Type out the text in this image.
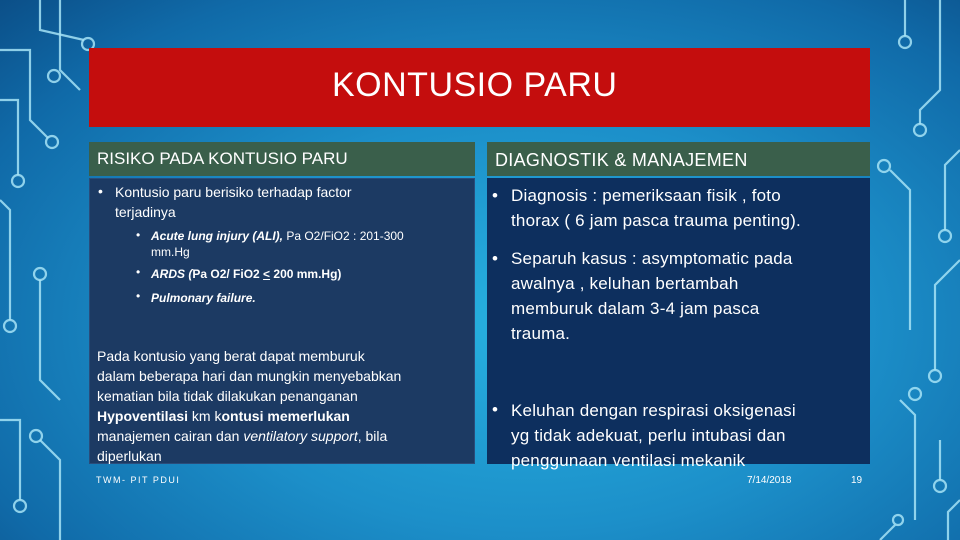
KONTUSIO PARU
RISIKO PADA KONTUSIO PARU	DIAGNOSTIK & MANAJEMEN
• Kontusio paru berisiko terhadap factor
terjadinya
• Acute lung injury (ALI), Pa O2/FiO2 : 201-300
mm.Hg
• ARDS (Pa O2/ FiO2 < 200 mm.Hg)
• Pulmonary failure.
Pada kontusio yang berat dapat memburuk
dalam beberapa hari dan mungkin menyebabkan
kematian bila tidak dilakukan penanganan
Hypoventilasi km kontusi memerlukan
manajemen cairan dan ventilatory support, bila
diperlukan
• Diagnosis : pemeriksaan fisik , foto
thorax ( 6 jam pasca trauma penting).
• Separuh kasus : asymptomatic pada
awalnya , keluhan bertambah
memburuk dalam 3-4 jam pasca
trauma.
• Keluhan dengan respirasi oksigenasi
yg tidak adekuat, perlu intubasi dan
penggunaan ventilasi mekanik
TWM- PIT PDUI	7/14/2018	19
